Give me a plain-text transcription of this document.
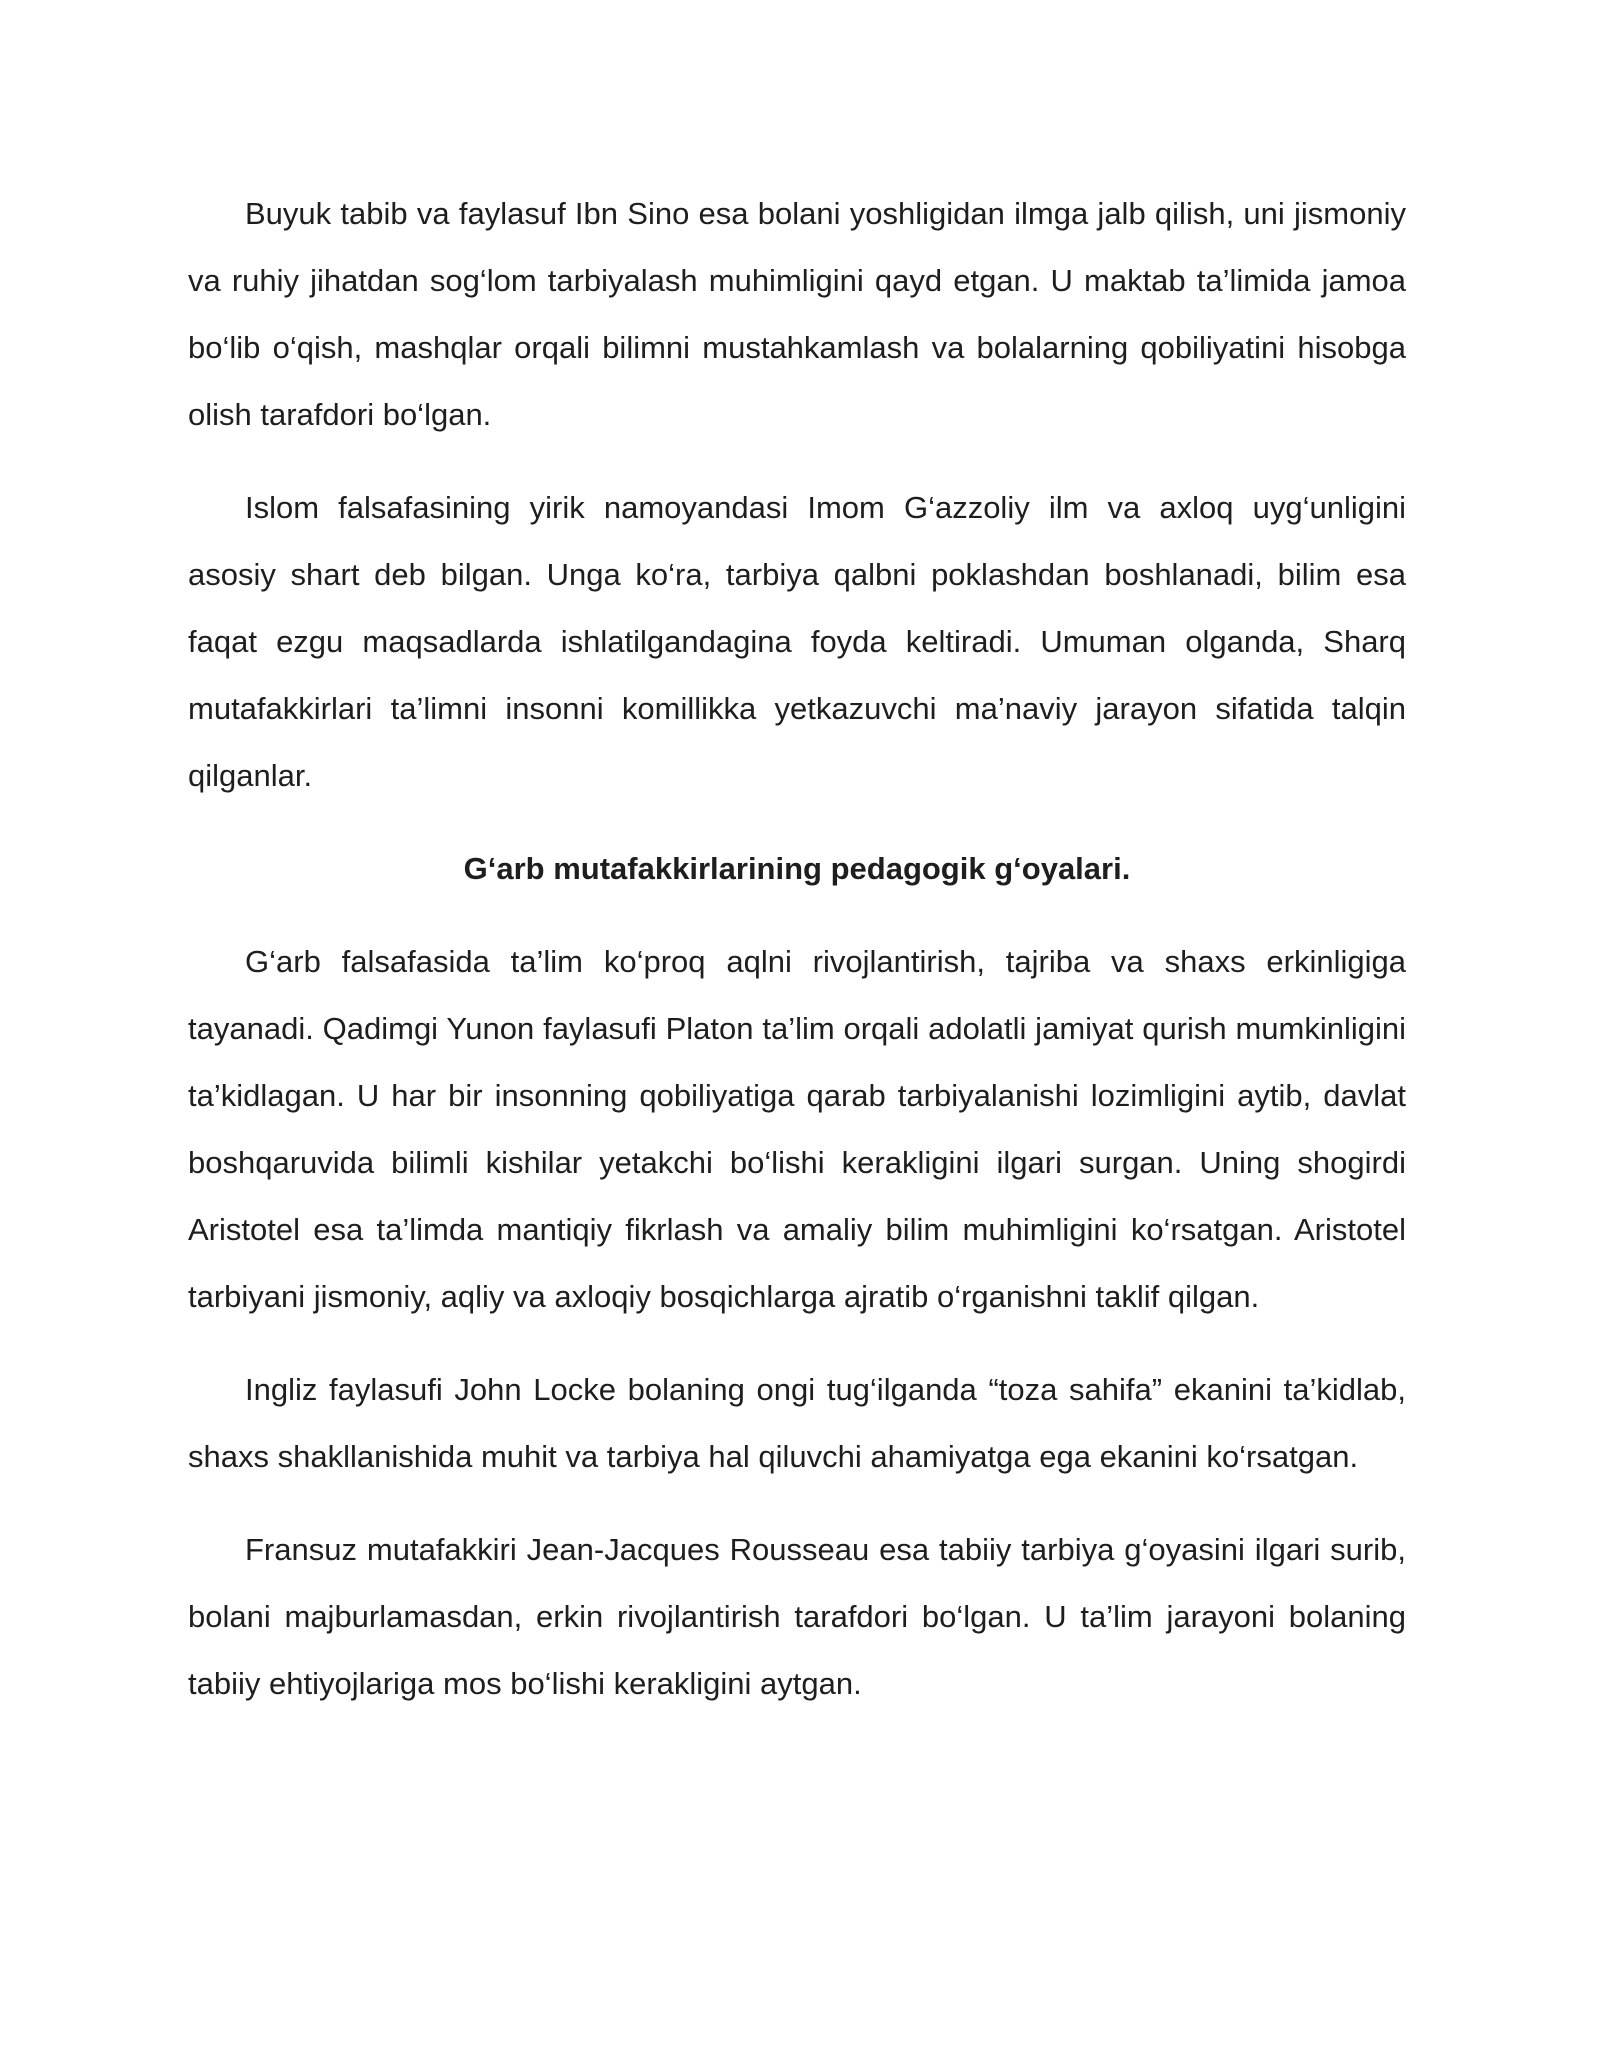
Buyuk tabib va faylasuf Ibn Sino esa bolani yoshligidan ilmga jalb qilish, uni jismoniy va ruhiy jihatdan sog‘lom tarbiyalash muhimligini qayd etgan. U maktab ta’limida jamoa bo‘lib o‘qish, mashqlar orqali bilimni mustahkamlash va bolalarning qobiliyatini hisobga olish tarafdori bo‘lgan.

Islom falsafasining yirik namoyandasi Imom G‘azzoliy ilm va axloq uyg‘unligini asosiy shart deb bilgan. Unga ko‘ra, tarbiya qalbni poklashdan boshlanadi, bilim esa faqat ezgu maqsadlarda ishlatilgandagina foyda keltiradi. Umuman olganda, Sharq mutafakkirlari ta’limni insonni komillikka yetkazuvchi ma’naviy jarayon sifatida talqin qilganlar.

G‘arb mutafakkirlarining pedagogik g‘oyalari.

G‘arb falsafasida ta’lim ko‘proq aqlni rivojlantirish, tajriba va shaxs erkinligiga tayanadi. Qadimgi Yunon faylasufi Platon ta’lim orqali adolatli jamiyat qurish mumkinligini ta’kidlagan. U har bir insonning qobiliyatiga qarab tarbiyalanishi lozimligini aytib, davlat boshqaruvida bilimli kishilar yetakchi bo‘lishi kerakligini ilgari surgan. Uning shogirdi Aristotel esa ta’limda mantiqiy fikrlash va amaliy bilim muhimligini ko‘rsatgan. Aristotel tarbiyani jismoniy, aqliy va axloqiy bosqichlarga ajratib o‘rganishni taklif qilgan.

Ingliz faylasufi John Locke bolaning ongi tug‘ilganda “toza sahifa” ekanini ta’kidlab, shaxs shakllanishida muhit va tarbiya hal qiluvchi ahamiyatga ega ekanini ko‘rsatgan.

Fransuz mutafakkiri Jean-Jacques Rousseau esa tabiiy tarbiya g‘oyasini ilgari surib, bolani majburlamasdan, erkin rivojlantirish tarafdori bo‘lgan. U ta’lim jarayoni bolaning tabiiy ehtiyojlariga mos bo‘lishi kerakligini aytgan.
